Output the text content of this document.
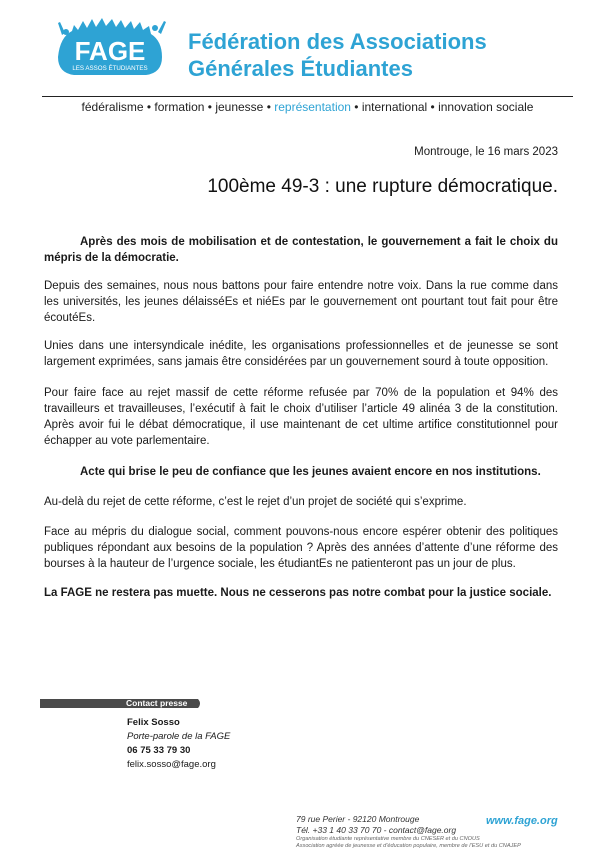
FAGE
LES ASSOS ÉTUDIANTES
Fédération des Associations
Générales Étudiantes
fédéralisme • formation • jeunesse • représentation • international • innovation sociale
Montrouge, le 16 mars 2023
100ème 49-3 : une rupture démocratique.

Après des mois de mobilisation et de contestation, le gouvernement a fait le choix du mépris de la démocratie.

Depuis des semaines, nous nous battons pour faire entendre notre voix. Dans la rue comme dans les universités, les jeunes délaisséEs et niéEs par le gouvernement ont pourtant tout fait pour être écoutéEs.

Unies dans une intersyndicale inédite, les organisations professionnelles et de jeunesse se sont largement exprimées, sans jamais être considérées par un gouvernement sourd à toute opposition.

Pour faire face au rejet massif de cette réforme refusée par 70% de la population et 94% des travailleurs et travailleuses, l’exécutif à fait le choix d’utiliser l’article 49 alinéa 3 de la constitution. Après avoir fui le débat démocratique, il use maintenant de cet ultime artifice constitutionnel pour échapper au vote parlementaire.

Acte qui brise le peu de confiance que les jeunes avaient encore en nos institutions.

Au-delà du rejet de cette réforme, c’est le rejet d’un projet de société qui s’exprime.

Face au mépris du dialogue social, comment pouvons-nous encore espérer obtenir des politiques publiques répondant aux besoins de la population ? Après des années d’attente d’une réforme des bourses à la hauteur de l’urgence sociale, les étudiantEs ne patienteront pas un jour de plus.

La FAGE ne restera pas muette. Nous ne cesserons pas notre combat pour la justice sociale.

Contact presse
Felix Sosso
Porte-parole de la FAGE
06 75 33 79 30
felix.sosso@fage.org
79 rue Perier - 92120 Montrouge
Tél. +33 1 40 33 70 70 - contact@fage.org
www.fage.org
Organisation étudiante représentative membre du CNESER et du CNOUS
Association agréée de jeunesse et d’éducation populaire, membre de l’ESU et du CNAJEP
